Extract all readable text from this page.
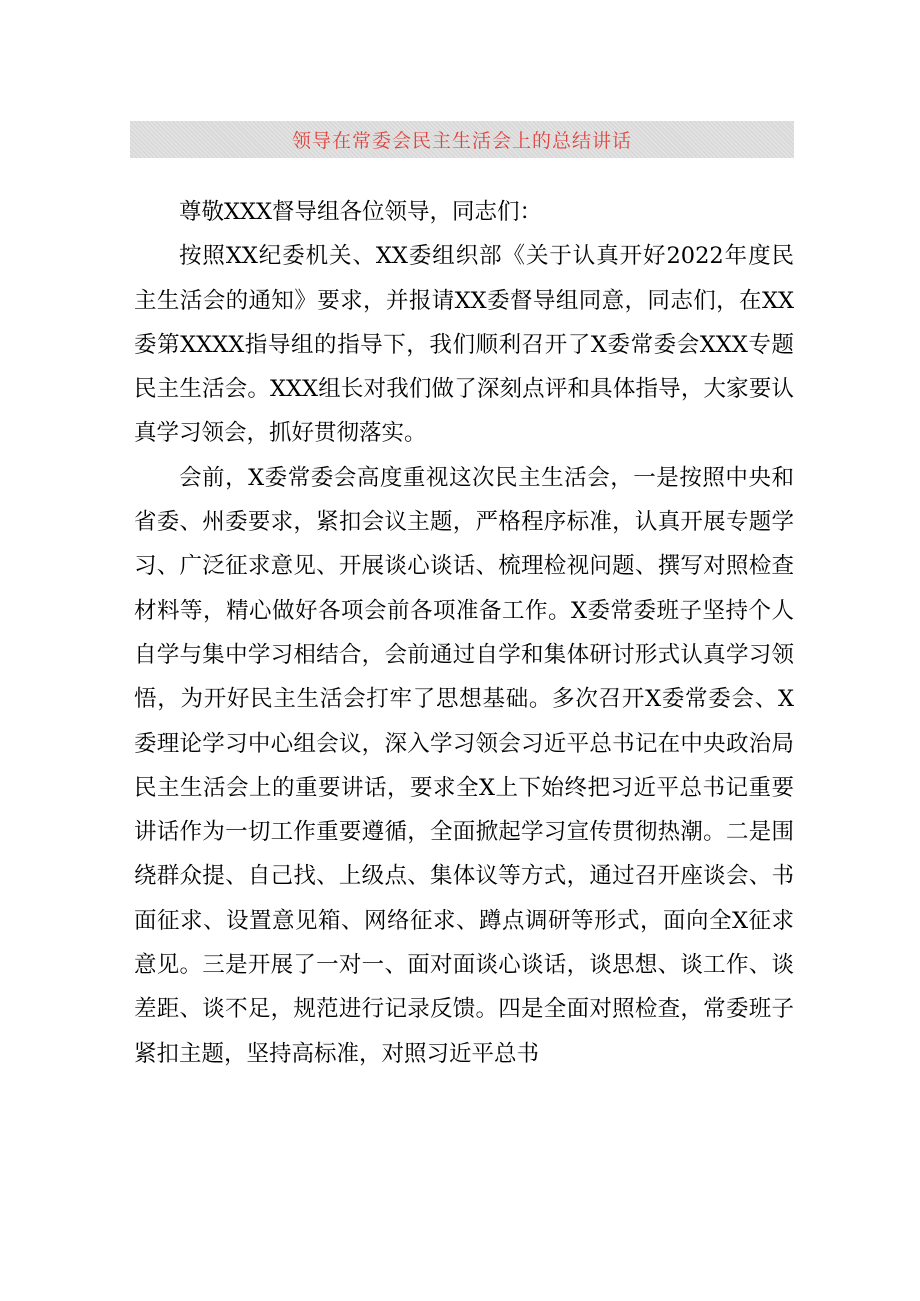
领导在常委会民主生活会上的总结讲话

尊敬XXX督导组各位领导，同志们：

按照XX纪委机关、XX委组织部《关于认真开好2022年度民主生活会的通知》要求，并报请XX委督导组同意，同志们，在XX委第XXXX指导组的指导下，我们顺利召开了X委常委会XXX专题民主生活会。XXX组长对我们做了深刻点评和具体指导，大家要认真学习领会，抓好贯彻落实。

会前，X委常委会高度重视这次民主生活会，一是按照中央和省委、州委要求，紧扣会议主题，严格程序标准，认真开展专题学习、广泛征求意见、开展谈心谈话、梳理检视问题、撰写对照检查材料等，精心做好各项会前各项准备工作。X委常委班子坚持个人自学与集中学习相结合，会前通过自学和集体研讨形式认真学习领悟，为开好民主生活会打牢了思想基础。多次召开X委常委会、X委理论学习中心组会议，深入学习领会习近平总书记在中央政治局民主生活会上的重要讲话，要求全X上下始终把习近平总书记重要讲话作为一切工作重要遵循，全面掀起学习宣传贯彻热潮。二是围绕群众提、自己找、上级点、集体议等方式，通过召开座谈会、书面征求、设置意见箱、网络征求、蹲点调研等形式，面向全X征求意见。三是开展了一对一、面对面谈心谈话，谈思想、谈工作、谈差距、谈不足，规范进行记录反馈。四是全面对照检查，常委班子紧扣主题，坚持高标准，对照习近平总书
